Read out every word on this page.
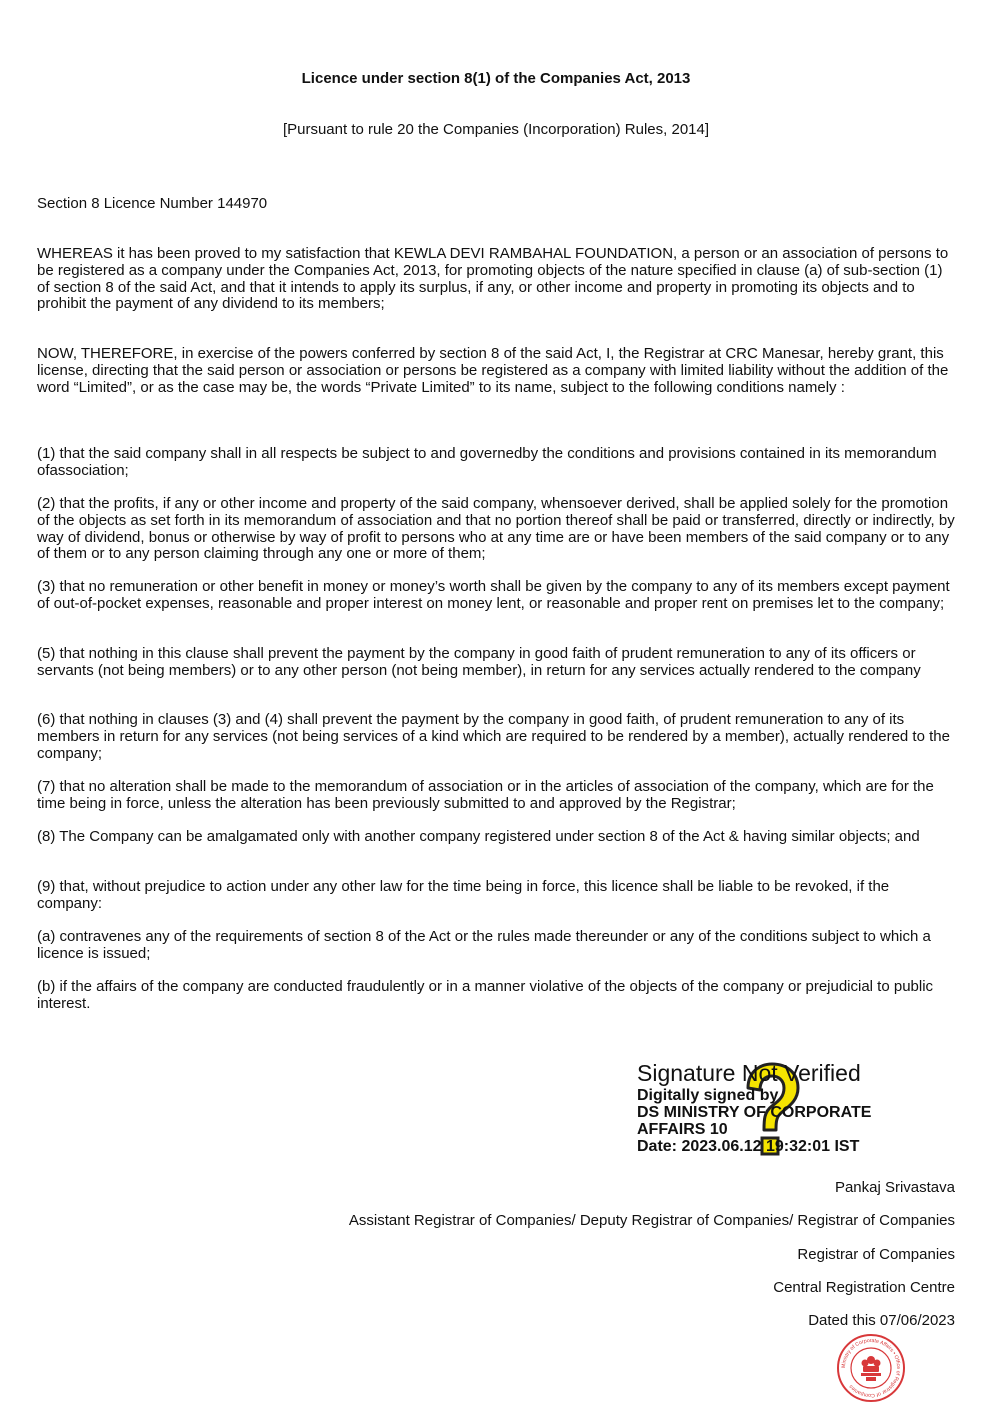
Licence under section 8(1) of the Companies Act, 2013
[Pursuant to rule 20 the Companies (Incorporation) Rules, 2014]
Section 8 Licence Number 144970

WHEREAS it has been proved to my satisfaction that KEWLA DEVI RAMBAHAL FOUNDATION, a person or an association of persons to be registered as a company under the Companies Act, 2013, for promoting objects of the nature specified in clause (a) of sub-section (1) of section 8 of the said Act, and that it intends to apply its surplus, if any, or other income and property in promoting its objects and to prohibit the payment of any dividend to its members;

NOW, THEREFORE, in exercise of the powers conferred by section 8 of the said Act, I, the Registrar at CRC Manesar, hereby grant, this license, directing that the said person or association or persons be registered as a company with limited liability without the addition of the word “Limited”, or as the case may be, the words “Private Limited” to its name, subject to the following conditions namely :

(1) that the said company shall in all respects be subject to and governedby the conditions and provisions contained in its memorandum ofassociation;

(2) that the profits, if any or other income and property of the said company, whensoever derived, shall be applied solely for the promotion of the objects as set forth in its memorandum of association and that no portion thereof shall be paid or transferred, directly or indirectly, by way of dividend, bonus or otherwise by way of profit to persons who at any time are or have been members of the said company or to any of them or to any person claiming through any one or more of them;

(3) that no remuneration or other benefit in money or money’s worth shall be given by the company to any of its members except payment of out-of-pocket expenses, reasonable and proper interest on money lent, or reasonable and proper rent on premises let to the company;

(5) that nothing in this clause shall prevent the payment by the company in good faith of prudent remuneration to any of its officers or servants (not being members) or to any other person (not being member), in return for any services actually rendered to the company

(6) that nothing in clauses (3) and (4) shall prevent the payment by the company in good faith, of prudent remuneration to any of its members in return for any services (not being services of a kind which are required to be rendered by a member), actually rendered to the company;

(7) that no alteration shall be made to the memorandum of association or in the articles of association of the company, which are for the time being in force, unless the alteration has been previously submitted to and approved by the Registrar;

(8) The Company can be amalgamated only with another company registered under section 8 of the Act & having similar objects; and

(9) that, without prejudice to action under any other law for the time being in force, this licence shall be liable to be revoked, if the company:

(a) contravenes any of the requirements of section 8 of the Act or the rules made thereunder or any of the conditions subject to which a licence is issued;

(b) if the affairs of the company are conducted fraudulently or in a manner violative of the objects of the company or prejudicial to public interest.

Signature Not Verified
Digitally signed by
DS MINISTRY OF CORPORATE
AFFAIRS 10
Date: 2023.06.12 19:32:01 IST
Pankaj Srivastava
Assistant Registrar of Companies/ Deputy Registrar of Companies/ Registrar of Companies
Registrar of Companies
Central Registration Centre
Dated this 07/06/2023
Ministry of Corporate Affairs • Office of Registrar of Companies
